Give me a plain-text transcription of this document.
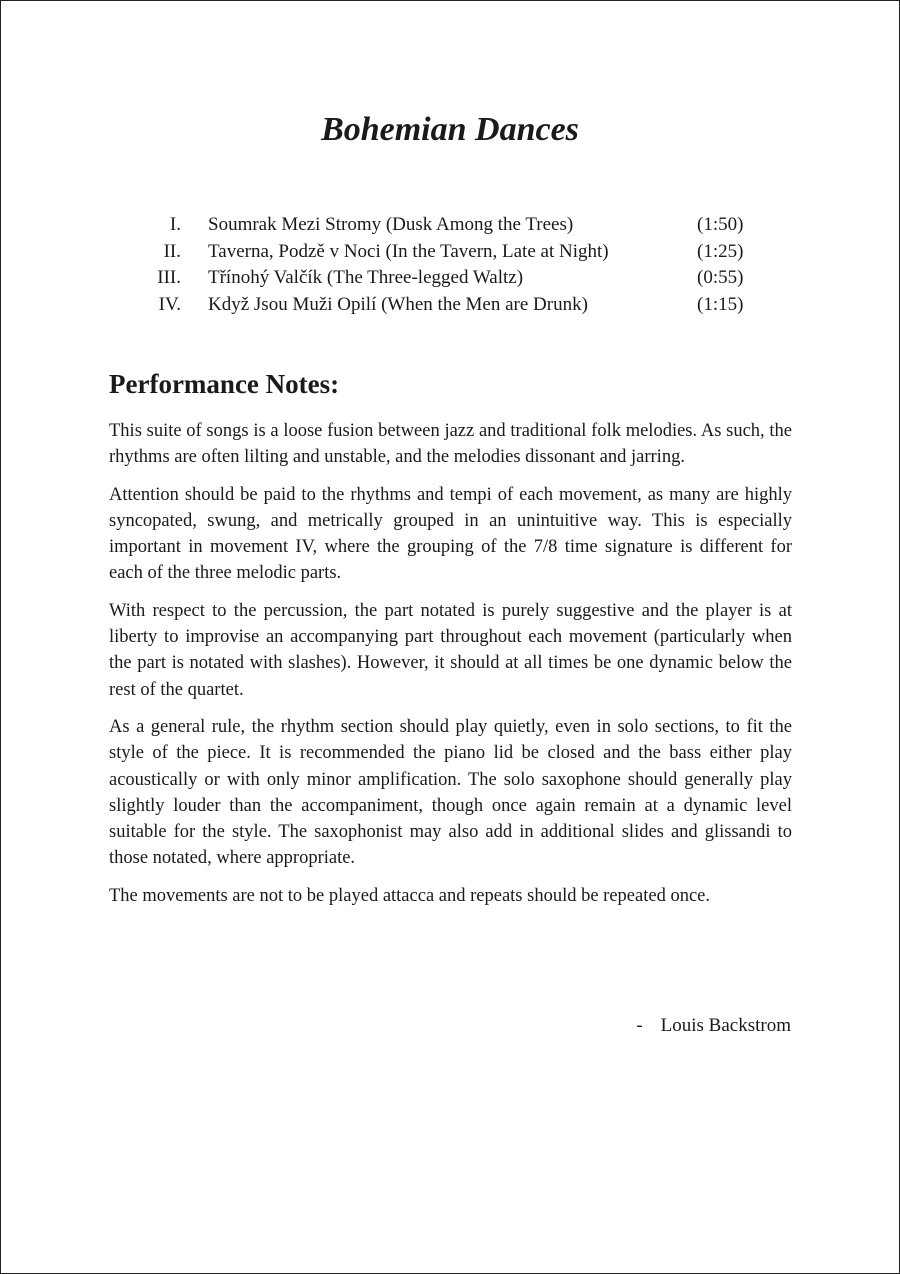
Bohemian Dances
I. Soumrak Mezi Stromy (Dusk Among the Trees)	(1:50)
II. Taverna, Podzě v Noci (In the Tavern, Late at Night)	(1:25)
III. Třínohý Valčík (The Three-legged Waltz)	(0:55)
IV. Když Jsou Muži Opilí (When the Men are Drunk)	(1:15)
Performance Notes:

This suite of songs is a loose fusion between jazz and traditional folk melodies. As such, the rhythms are often lilting and unstable, and the melodies dissonant and jarring.

Attention should be paid to the rhythms and tempi of each movement, as many are highly syncopated, swung, and metrically grouped in an unintuitive way. This is especially important in movement IV, where the grouping of the 7/8 time signature is different for each of the three melodic parts.

With respect to the percussion, the part notated is purely suggestive and the player is at liberty to improvise an accompanying part throughout each movement (particularly when the part is notated with slashes). However, it should at all times be one dynamic below the rest of the quartet.

As a general rule, the rhythm section should play quietly, even in solo sections, to fit the style of the piece. It is recommended the piano lid be closed and the bass either play acoustically or with only minor amplification. The solo saxophone should generally play slightly louder than the accompaniment, though once again remain at a dynamic level suitable for the style. The saxophonist may also add in additional slides and glissandi to those notated, where appropriate.

The movements are not to be played attacca and repeats should be repeated once.

- Louis Backstrom
